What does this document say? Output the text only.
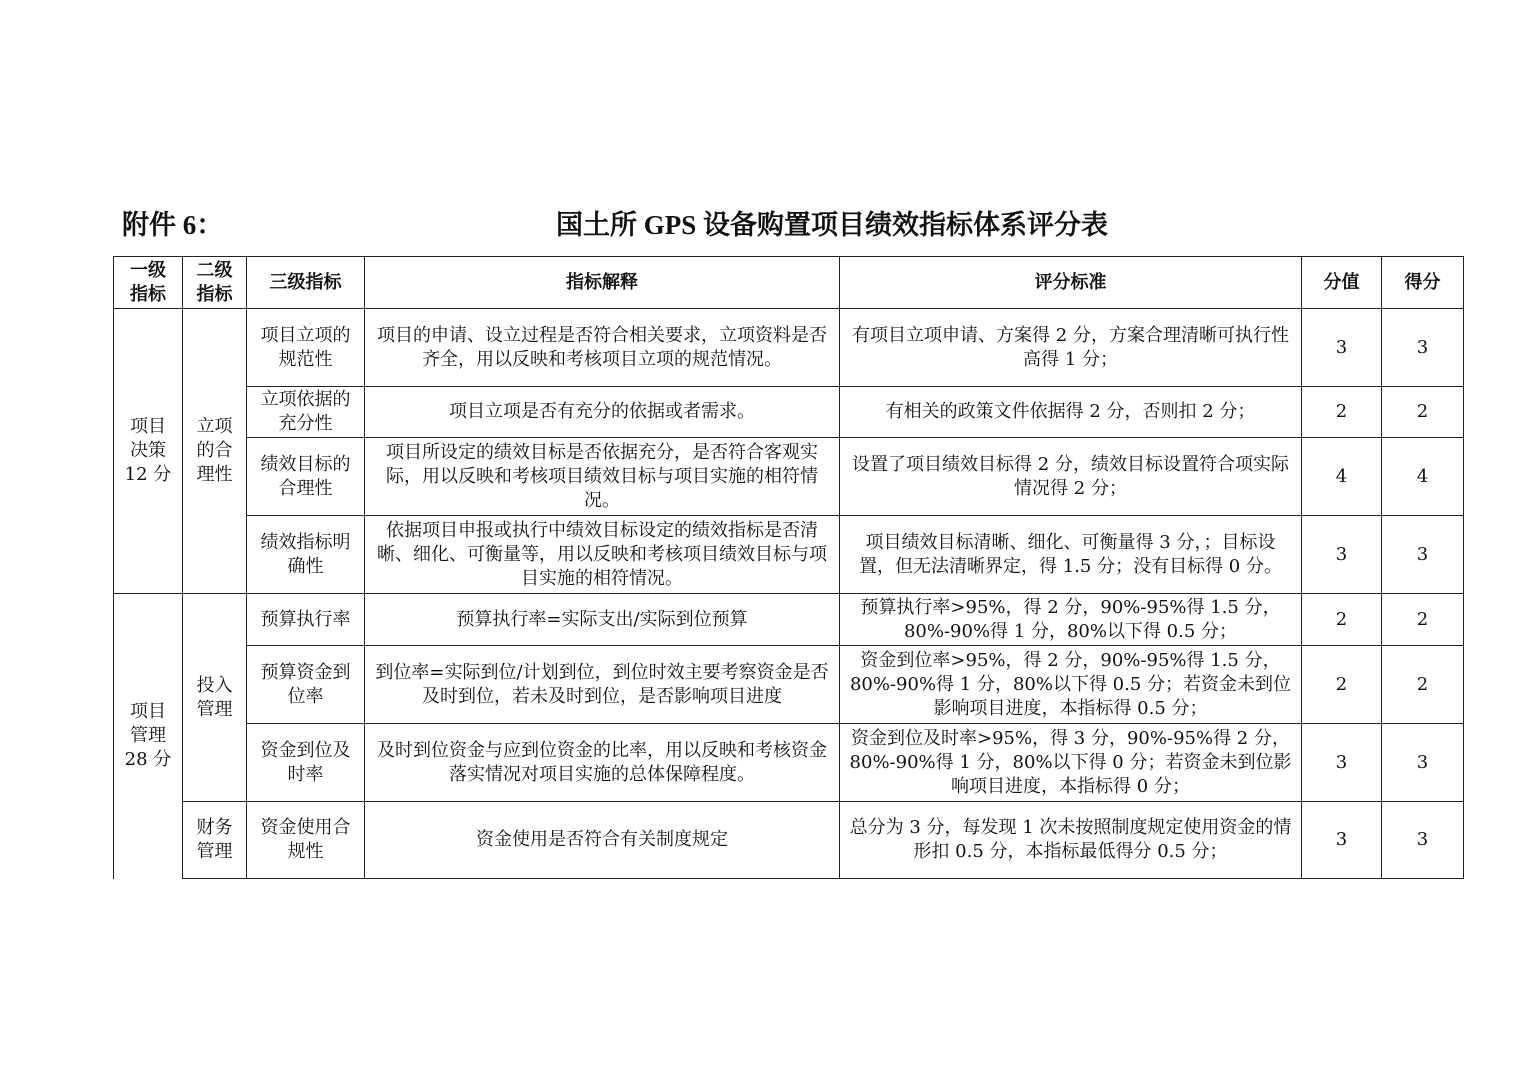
附件 6：	国土所 GPS 设备购置项目绩效指标体系评分表
一级指标	二级指标	三级指标	指标解释	评分标准	分值	得分
项目决策12 分	立项的合理性	项目立项的规范性	项目的申请、设立过程是否符合相关要求，立项资料是否齐全，用以反映和考核项目立项的规范情况。	有项目立项申请、方案得 2 分，方案合理清晰可执行性高得 1 分；	3	3
		立项依据的充分性	项目立项是否有充分的依据或者需求。	有相关的政策文件依据得 2 分，否则扣 2 分；	2	2
		绩效目标的合理性	项目所设定的绩效目标是否依据充分，是否符合客观实际，用以反映和考核项目绩效目标与项目实施的相符情况。	设置了项目绩效目标得 2 分，绩效目标设置符合项实际情况得 2 分；	4	4
		绩效指标明确性	依据项目申报或执行中绩效目标设定的绩效指标是否清晰、细化、可衡量等，用以反映和考核项目绩效目标与项目实施的相符情况。	项目绩效目标清晰、细化、可衡量得 3 分，；目标设置，但无法清晰界定，得 1.5 分；没有目标得 0 分。	3	3
项目管理28 分	投入管理	预算执行率	预算执行率=实际支出/实际到位预算	预算执行率>95%，得 2 分，90%-95%得 1.5 分，80%-90%得 1 分，80%以下得 0.5 分；	2	2
		预算资金到位率	到位率=实际到位/计划到位，到位时效主要考察资金是否及时到位，若未及时到位，是否影响项目进度	资金到位率>95%，得 2 分，90%-95%得 1.5 分，80%-90%得 1 分，80%以下得 0.5 分；若资金未到位影响项目进度，本指标得 0.5 分；	2	2
		资金到位及时率	及时到位资金与应到位资金的比率，用以反映和考核资金落实情况对项目实施的总体保障程度。	资金到位及时率>95%，得 3 分，90%-95%得 2 分，80%-90%得 1 分，80%以下得 0 分；若资金未到位影响项目进度，本指标得 0 分；	3	3
	财务管理	资金使用合规性	资金使用是否符合有关制度规定	总分为 3 分，每发现 1 次未按照制度规定使用资金的情形扣 0.5 分，本指标最低得分 0.5 分；	3	3
